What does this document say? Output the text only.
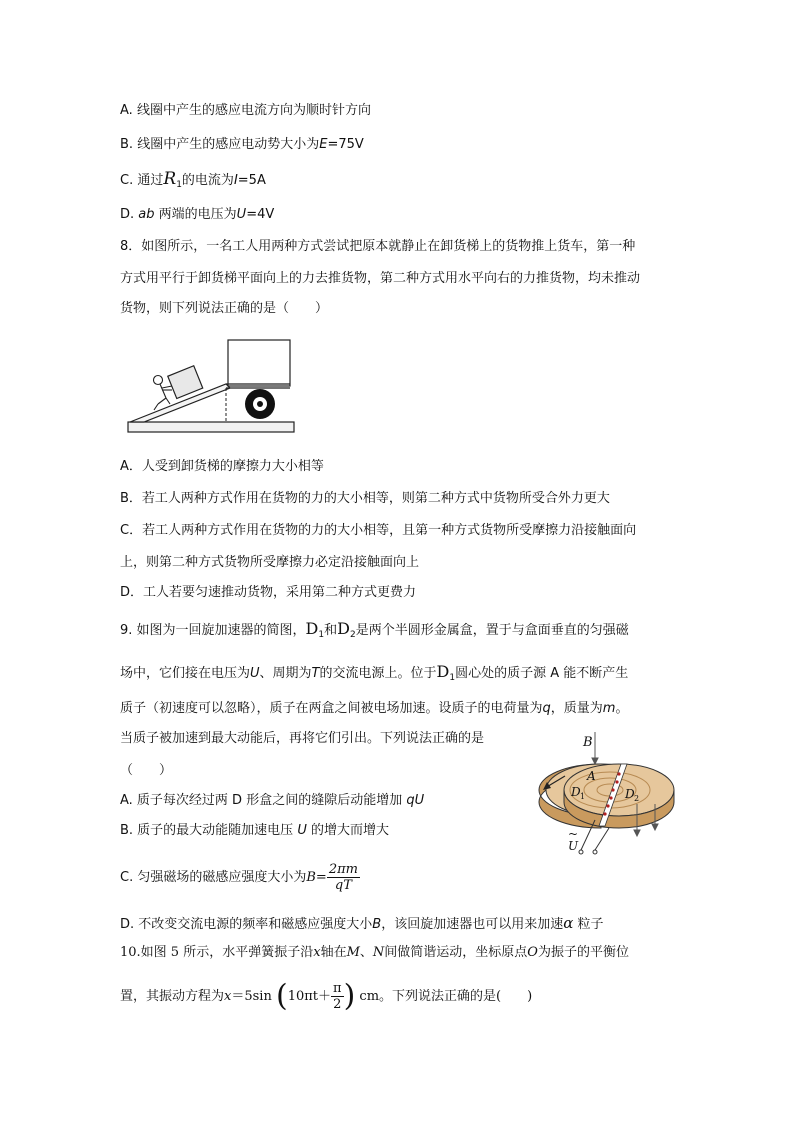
A. 线圈中产生的感应电流方向为顺时针方向
B. 线圈中产生的感应电动势大小为E=75V
C. 通过$R_1$的电流为I=5A
D. ab 两端的电压为U=4V
8．如图所示，一名工人用两种方式尝试把原本就静止在卸货梯上的货物推上货车，第一种
方式用平行于卸货梯平面向上的力去推货物，第二种方式用水平向右的力推货物，均未推动
货物，则下列说法正确的是（　　）
A．人受到卸货梯的摩擦力大小相等
B．若工人两种方式作用在货物的力的大小相等，则第二种方式中货物所受合外力更大
C．若工人两种方式作用在货物的力的大小相等，且第一种方式货物所受摩擦力沿接触面向
上，则第二种方式货物所受摩擦力必定沿接触面向上
D．工人若要匀速推动货物，采用第二种方式更费力
9. 如图为一回旋加速器的简图，$D_1$和$D_2$是两个半圆形金属盒，置于与盒面垂直的匀强磁
场中，它们接在电压为U、周期为T的交流电源上。位于$D_1$圆心处的质子源 A 能不断产生
质子（初速度可以忽略），质子在两盒之间被电场加速。设质子的电荷量为q，质量为m。
当质子被加速到最大动能后，再将它们引出。下列说法正确的是
（　　）
A. 质子每次经过两 D 形盒之间的缝隙后动能增加 qU
B. 质子的最大动能随加速电压 U 的增大而增大
C. 匀强磁场的磁感应强度大小为$B= \frac{2\pi m}{qT}$
D. 不改变交流电源的频率和磁感应强度大小B，该回旋加速器也可以用来加速α 粒子
B
A
D 1	D 2
~
U
10.如图 5 所示，水平弹簧振子沿x轴在M、N间做简谐运动，坐标原点O为振子的平衡位
置，其振动方程为x＝5sin ($10\pi t+ \frac{\pi}{2}$ ) cm。下列说法正确的是(　　)
